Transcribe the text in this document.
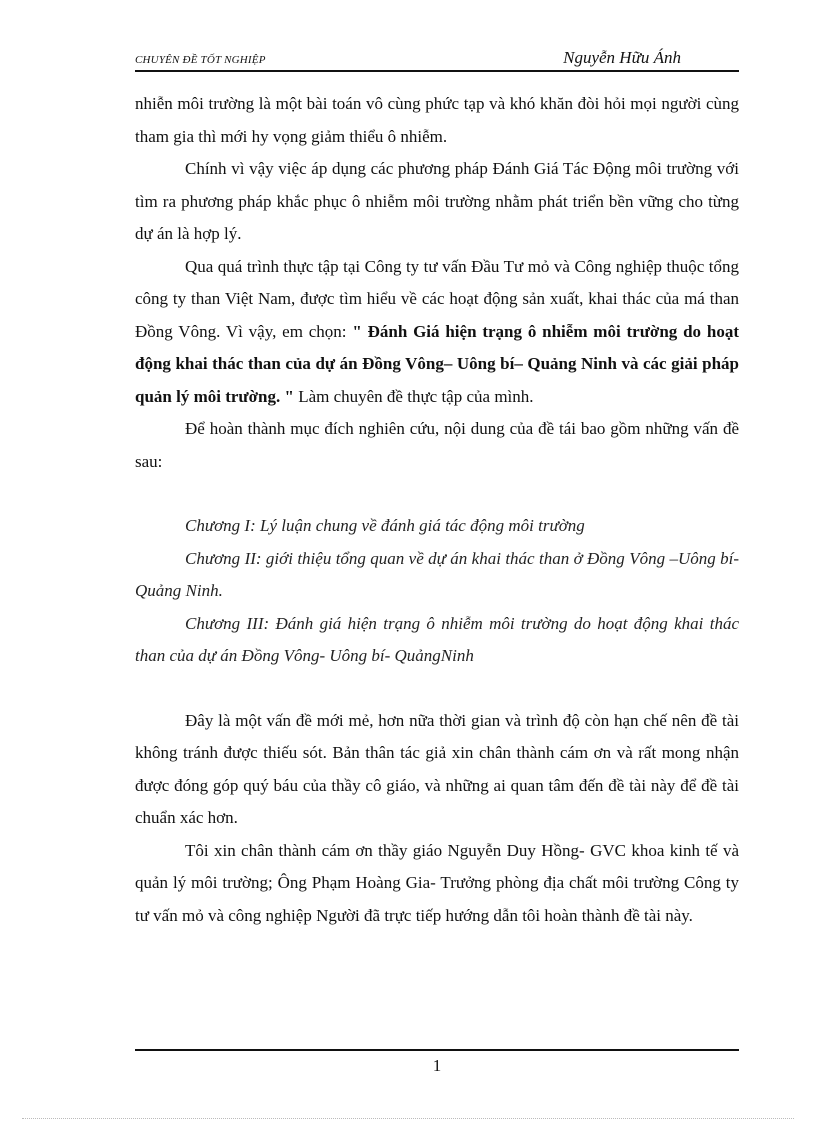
CHUYÊN ĐỀ TỐT NGHIỆP	Nguyễn Hữu Ánh

nhiễn môi trường là một bài toán vô cùng phức tạp và khó khăn đòi hỏi mọi người cùng tham gia thì mới hy vọng giảm thiểu ô nhiễm.

Chính vì vậy việc áp dụng các phương pháp Đánh Giá Tác Động môi trường với tìm ra phương pháp khắc phục ô nhiễm môi trường nhằm phát triển bền vững cho từng dự án là hợp lý.

Qua quá trình thực tập tại Công ty tư vấn Đầu Tư mỏ và Công nghiệp thuộc tổng công ty than Việt Nam, được tìm hiểu về các hoạt động sản xuất, khai thác của má than Đồng Vông. Vì vậy, em chọn: " Đánh Giá hiện trạng ô nhiễm môi trường do hoạt động khai thác than của dự án Đồng Vông– Uông bí– Quảng Ninh và các giải pháp quản lý môi trường. " Làm chuyên đề thực tập của mình.

Để hoàn thành mục đích nghiên cứu, nội dung của đề tái bao gồm những vấn đề sau:

Chương I: Lý luận chung về đánh giá tác động môi trường

Chương II: giới thiệu tổng quan về dự án khai thác than ở Đồng Vông –Uông bí- Quảng Ninh.

Chương III: Đánh giá hiện trạng ô nhiễm môi trường do hoạt động khai thác than của dự án Đồng Vông- Uông bí- QuảngNinh

Đây là một vấn đề mới mẻ, hơn nữa thời gian và trình độ còn hạn chế nên đề tài không tránh được thiếu sót. Bản thân tác giả xin chân thành cám ơn và rất mong nhận được đóng góp quý báu của thầy cô giáo, và những ai quan tâm đến đề tài này để đề tài chuẩn xác hơn.

Tôi xin chân thành cám ơn thầy giáo Nguyễn Duy Hồng- GVC khoa kinh tế và quản lý môi trường; Ông Phạm Hoàng Gia- Trưởng phòng địa chất môi trường Công ty tư vấn mỏ và công nghiệp Người đã trực tiếp hướng dẫn tôi hoàn thành đề tài này.

1
